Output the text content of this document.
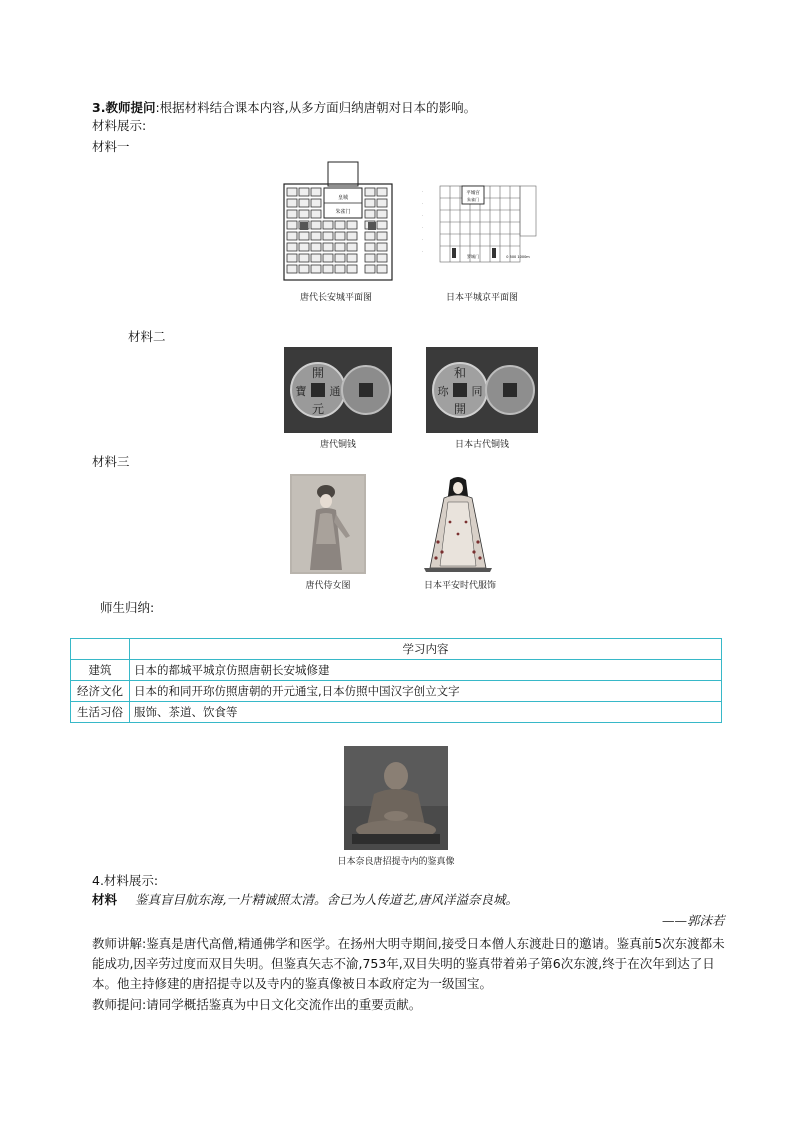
3.教师提问:根据材料结合课本内容,从多方面归纳唐朝对日本的影响。
材料展示:
材料一
皇城
朱雀门
唐代长安城平面图
平城宫
朱雀门
罗城门	0 500 1000m
.
.
.
.
.
.
日本平城京平面图
材料二
開
通
元
寶
唐代铜钱
和
同
開
珎
日本古代铜钱
材料三
唐代侍女图	日本平安时代服饰
师生归纳:
	学习内容
建筑	日本的都城平城京仿照唐朝长安城修建
经济文化	日本的和同开珎仿照唐朝的开元通宝,日本仿照中国汉字创立文字
生活习俗	服饰、茶道、饮食等
日本奈良唐招提寺内的鉴真像
4.材料展示:
材料 鉴真盲目航东海,一片精诚照太清。舍已为人传道艺,唐风洋溢奈良城。
——郭沫若
教师讲解:鉴真是唐代高僧,精通佛学和医学。在扬州大明寺期间,接受日本僧人东渡赴日的邀请。鉴真前5次东渡都未能成功,因辛劳过度而双目失明。但鉴真矢志不渝,753年,双目失明的鉴真带着弟子第6次东渡,终于在次年到达了日本。他主持修建的唐招提寺以及寺内的鉴真像被日本政府定为一级国宝。
教师提问:请同学概括鉴真为中日文化交流作出的重要贡献。
